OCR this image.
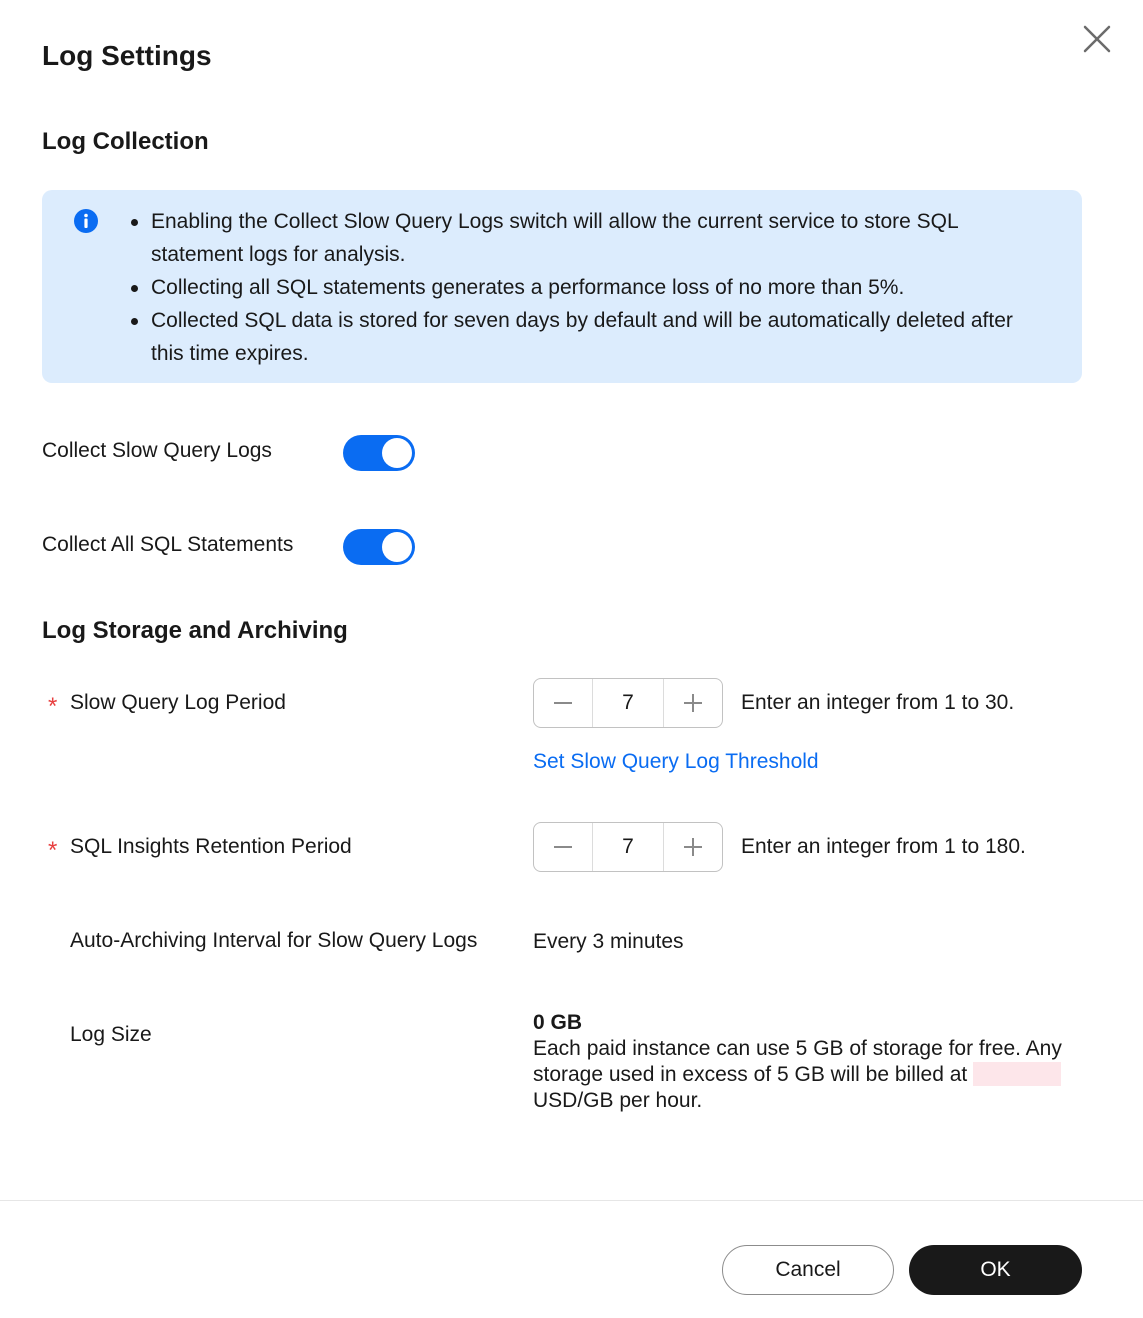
Log Settings
Log Collection
Enabling the Collect Slow Query Logs switch will allow the current service to store SQL statement logs for analysis.
Collecting all SQL statements generates a performance loss of no more than 5%.
Collected SQL data is stored for seven days by default and will be automatically deleted after this time expires.
Collect Slow Query Logs
Collect All SQL Statements
Log Storage and Archiving
* Slow Query Log Period	7	Enter an integer from 1 to 30.
Set Slow Query Log Threshold
* SQL Insights Retention Period	7	Enter an integer from 1 to 180.
Auto-Archiving Interval for Slow Query Logs	Every 3 minutes
Log Size
0 GB
Each paid instance can use 5 GB of storage for free. Any storage used in excess of 5 GB will be billed at  USD/GB per hour.
Cancel	OK
